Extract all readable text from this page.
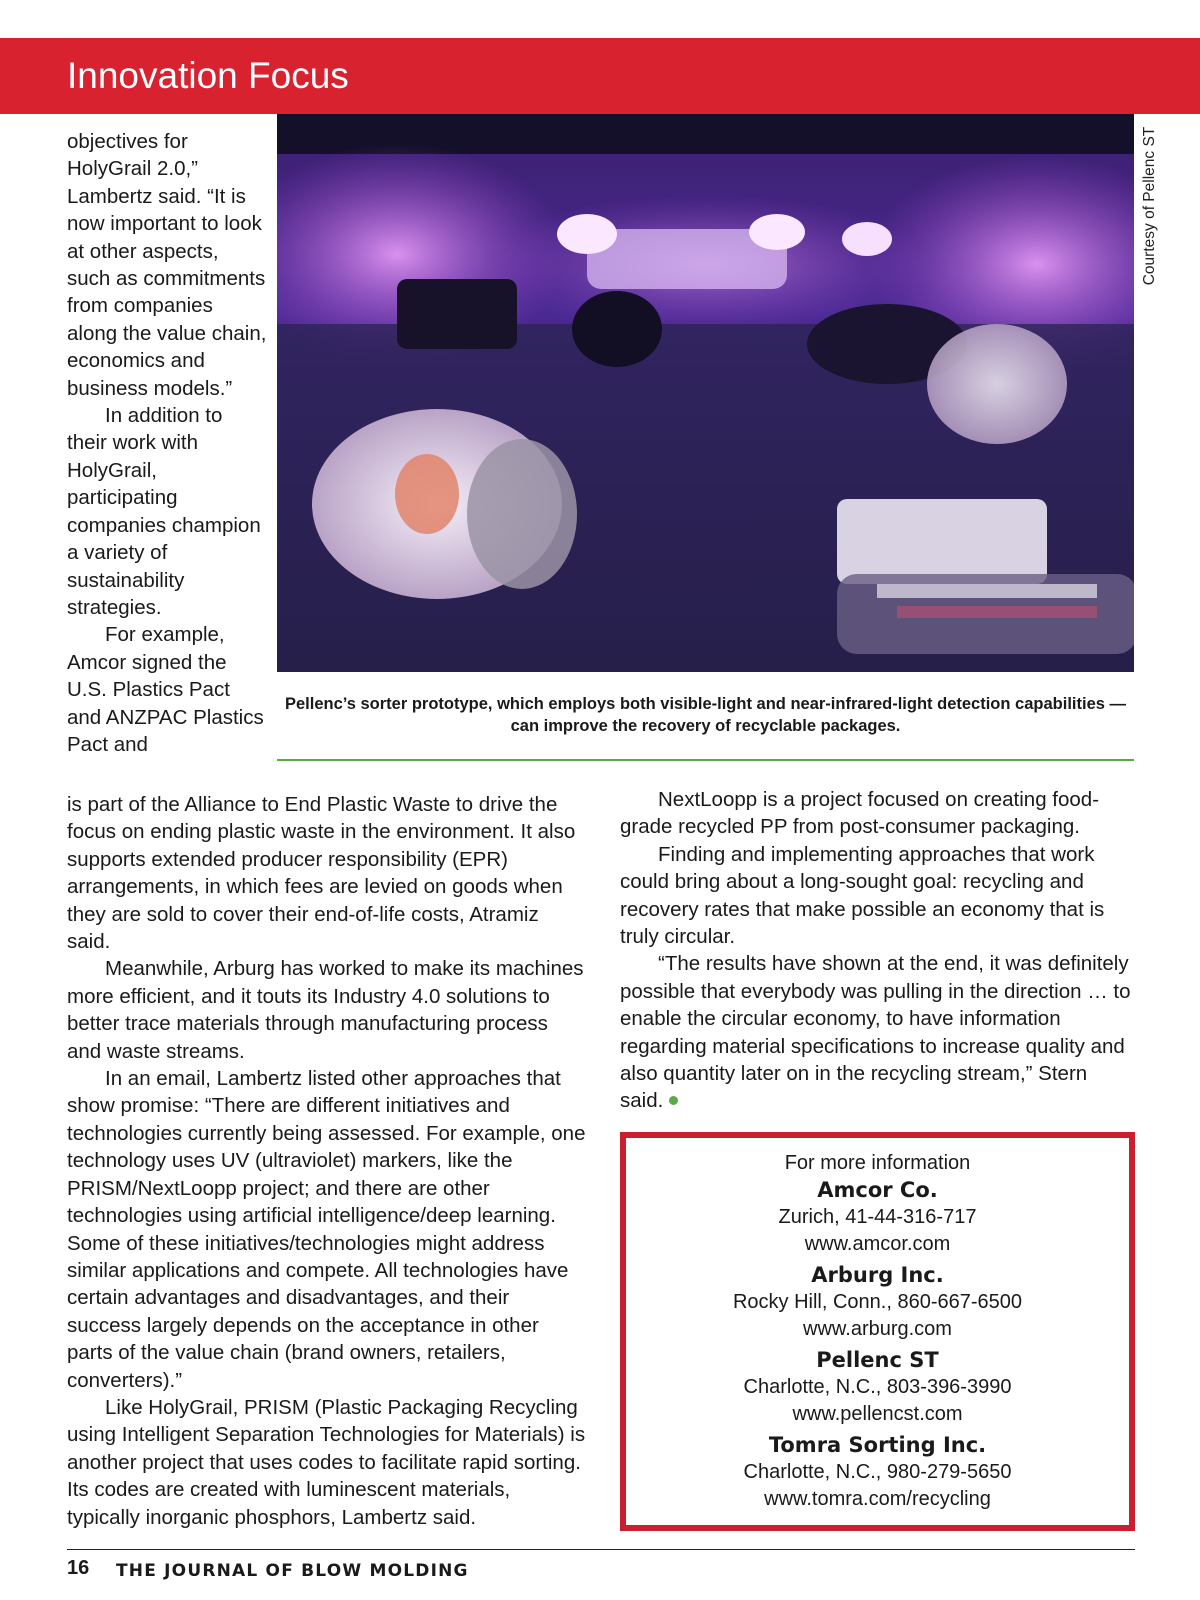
Innovation Focus

objectives for HolyGrail 2.0,” Lambertz said. “It is now important to look at other aspects, such as commitments from companies along the value chain, economics and business models.”

In addition to their work with HolyGrail, participating companies champion a variety of sustainability strategies.

For example, Amcor signed the U.S. Plastics Pact and ANZPAC Plastics Pact and

Courtesy of Pellenc ST
Pellenc’s sorter prototype, which employs both visible-light and near-infrared-light detection capabilities — can improve the recovery of recyclable packages.

is part of the Alliance to End Plastic Waste to drive the focus on ending plastic waste in the environment. It also supports extended producer responsibility (EPR) arrangements, in which fees are levied on goods when they are sold to cover their end-of-life costs, Atramiz said.

Meanwhile, Arburg has worked to make its machines more efficient, and it touts its Industry 4.0 solutions to better trace materials through manufacturing process and waste streams.

In an email, Lambertz listed other approaches that show promise: “There are different initiatives and technologies currently being assessed. For example, one technology uses UV (ultraviolet) markers, like the PRISM/NextLoopp project; and there are other technologies using artificial intelligence/deep learning. Some of these initiatives/technologies might address similar applications and compete. All technologies have certain advantages and disadvantages, and their success largely depends on the acceptance in other parts of the value chain (brand owners, retailers, converters).”

Like HolyGrail, PRISM (Plastic Packaging Recycling using Intelligent Separation Technologies for Materials) is another project that uses codes to facilitate rapid sorting. Its codes are created with luminescent materials, typically inorganic phosphors, Lambertz said.

NextLoopp is a project focused on creating food-grade recycled PP from post-consumer packaging.

Finding and implementing approaches that work could bring about a long-sought goal: recycling and recovery rates that make possible an economy that is truly circular.

“The results have shown at the end, it was definitely possible that everybody was pulling in the direction … to enable the circular economy, to have information regarding material specifications to increase quality and also quantity later on in the recycling stream,” Stern said.

For more information
Amcor Co.
Zurich, 41-44-316-717
www.amcor.com
Arburg Inc.
Rocky Hill, Conn., 860-667-6500
www.arburg.com
Pellenc ST
Charlotte, N.C., 803-396-3990
www.pellencst.com
Tomra Sorting Inc.
Charlotte, N.C., 980-279-5650
www.tomra.com/recycling
16 THE JOURNAL OF BLOW MOLDING
